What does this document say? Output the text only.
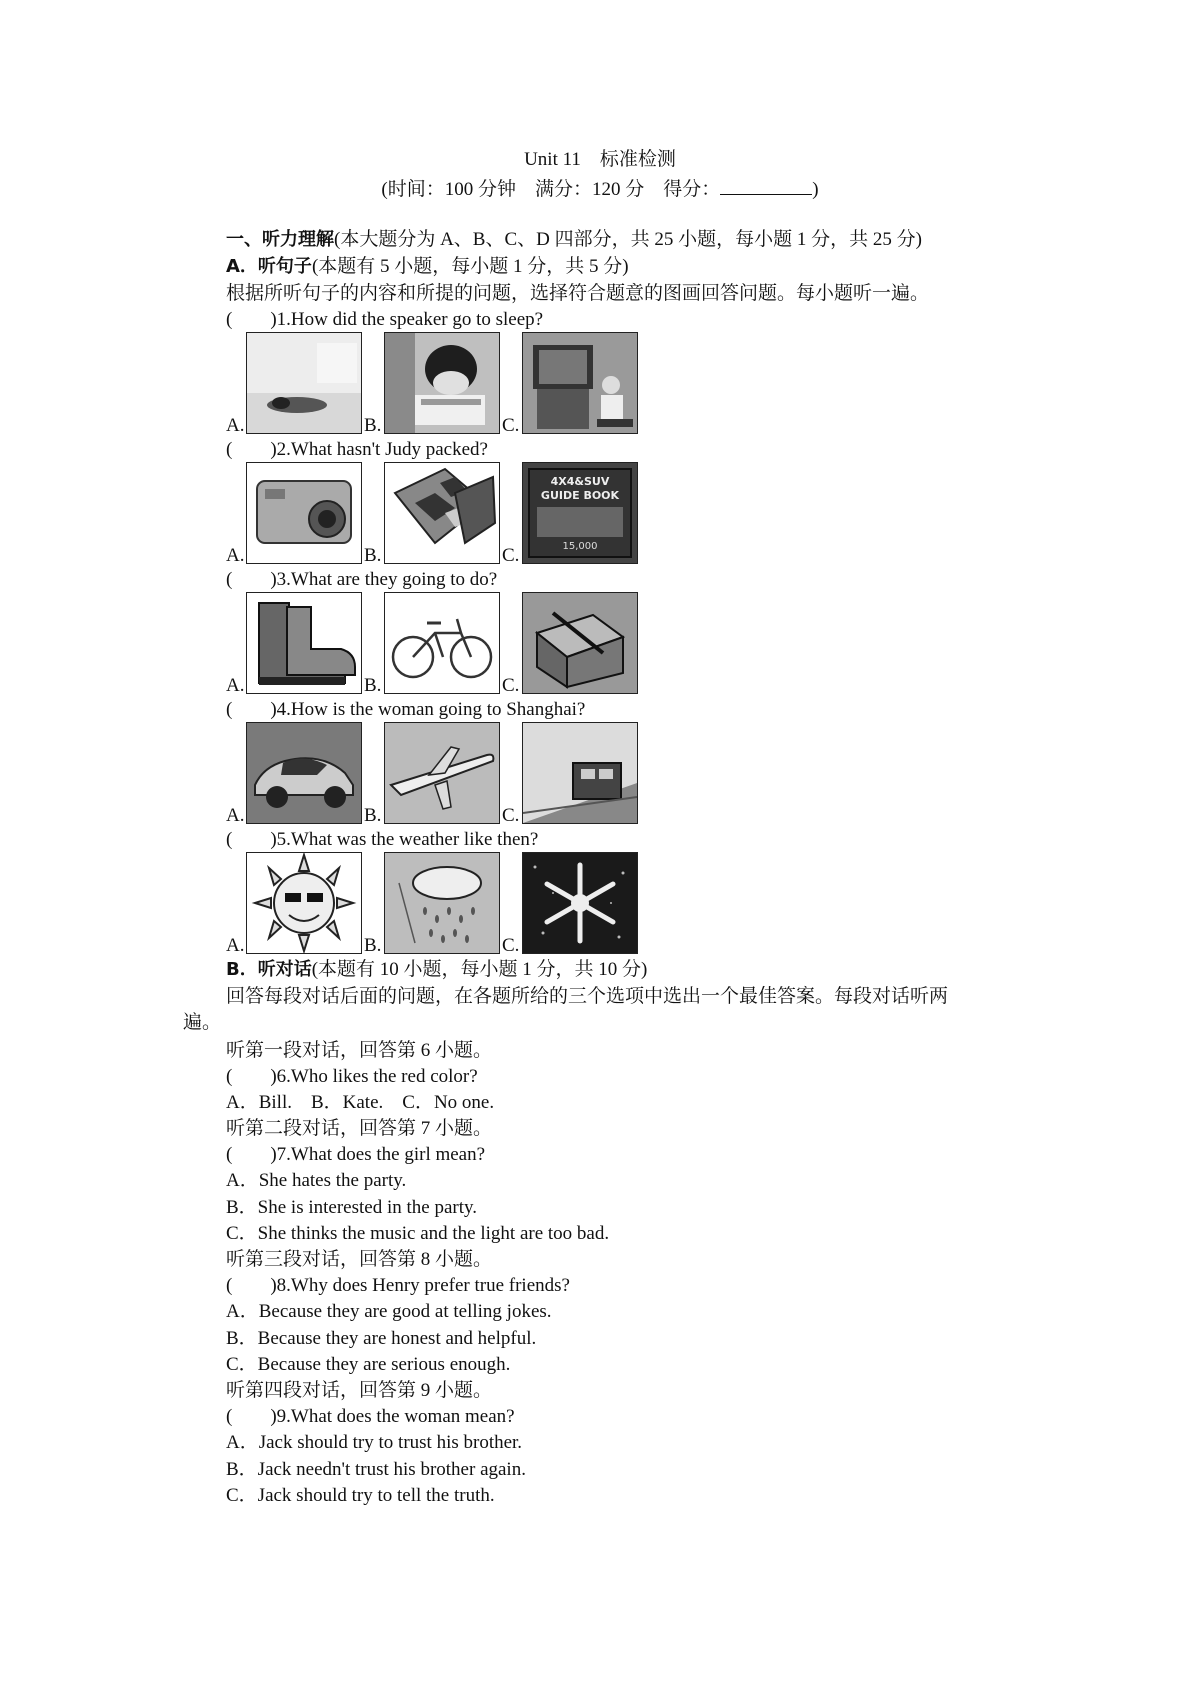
Unit 11　标准检测
(时间：100 分钟　满分：120 分　得分：	)
一、听力理解(本大题分为 A、B、C、D 四部分，共 25 小题，每小题 1 分，共 25 分)
A．听句子(本题有 5 小题，每小题 1 分，共 5 分)
根据所听句子的内容和所提的问题，选择符合题意的图画回答问题。每小题听一遍。
(　　)1.How did the speaker go to sleep?
A.	B.	C.
(　　)2.What hasn't Judy packed?
A.	B.	C.
4X4&SUV
GUIDE BOOK
15,000
(　　)3.What are they going to do?
A.	B.	C.
(　　)4.How is the woman going to Shanghai?
A.	B.	C.
(　　)5.What was the weather like then?
A.	B.	C.
B．听对话(本题有 10 小题，每小题 1 分，共 10 分)
回答每段对话后面的问题，在各题所给的三个选项中选出一个最佳答案。每段对话听两
遍。
听第一段对话，回答第 6 小题。
(　　)6.Who likes the red color?
A．Bill.　B．Kate.　C．No one.
听第二段对话，回答第 7 小题。
(　　)7.What does the girl mean?
A．She hates the party.
B．She is interested in the party.
C．She thinks the music and the light are too bad.
听第三段对话，回答第 8 小题。
(　　)8.Why does Henry prefer true friends?
A．Because they are good at telling jokes.
B．Because they are honest and helpful.
C．Because they are serious enough.
听第四段对话，回答第 9 小题。
(　　)9.What does the woman mean?
A．Jack should try to trust his brother.
B．Jack needn't trust his brother again.
C．Jack should try to tell the truth.
